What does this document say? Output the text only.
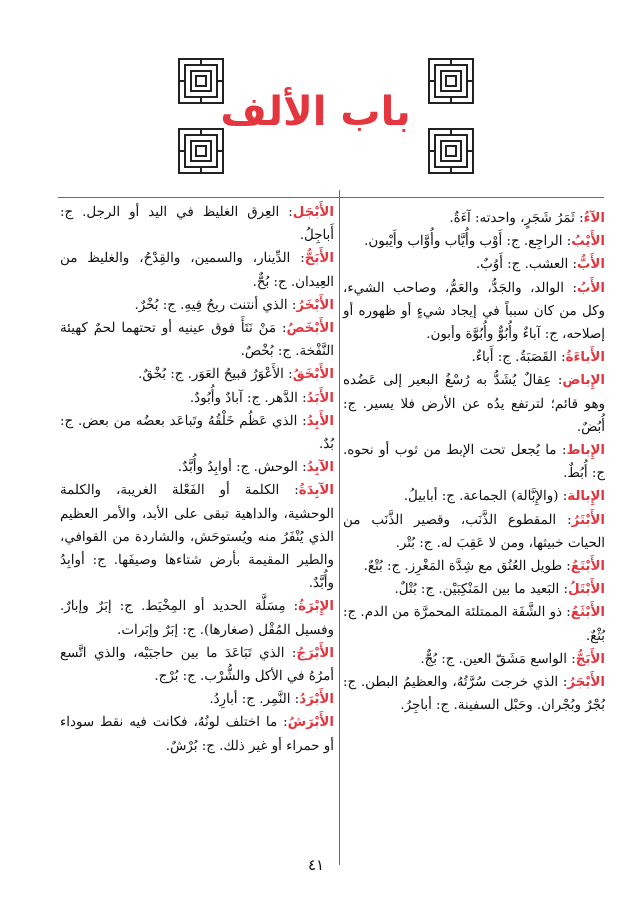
باب الألف
الآءُ: ثَمَرُ شَجَرٍ، واحدته: آءَةٌ.
الأَيْبُ: الراجِع. ج: أَوْب وأُيَّاب وأُوَّاب وأَيْبون.
الأَبُّ: العشب. ج: أَوُبٌ.
الأَبُ: الوالد، والجَدُّ، والعَمُّ، وصاحب الشيء، وكل من كان سبباً في إيجاد شيءٍ أو ظهوره أو إصلاحه، ج: آباءٌ وأُبُوٌّ وأُبُوَّة وأبون.
الأَباءَةُ: القَصَبَةُ. ج: أَباءٌ.
الإِباض: عِقالٌ يُشَدُّ به رُسْغُ البعير إلى عَضُده وهو قائم؛ لترتفع يدُه عن الأرض فلا يسير. ج: أُبُضٌ.
الإِباط: ما يُجعل تحت الإبط من ثوب أو نحوه. ج: أُبُطٌ.
الإِبالة: (والإِبَّالة) الجماعة. ج: أبابيلُ.
الأَبْتَرُ: المقطوع الذَّنَب، وقصير الذَّنَب من الحيات خبيثها، ومن لا عَقِبَ له. ج: بُتْر.
الأَبْتَعُ: طويل العُنُق مع شِدَّة المَغْرِز. ج: بُتْعٌ.
الأَبْتَلُ: البَعيد ما بين المَنْكِبَيْن. ج: بُتْلٌ.
الأَبْثَعُ: ذو الشَّفَة الممتلئة المحمرَّة من الدم. ج: بُثْعٌ.
الأَبَجُّ: الواسع مَشَقّ العين. ج: بُجٌّ.
الأَبْجَرُ: الذي خرجت سُرَّتُهُ، والعظيمُ البطن. ج: بُجْرٌ وبُجْران. وحَبْل السفينة. ج: أباجِرُ.
الأَبْجَل: العِرق الغليظ في اليد أو الرجل. ج: أَباجِلُ.
الأَبَحُّ: الدِّينار، والسمين، والقِدْحُ، والغليظ من العِيدان. ج: بُحٌّ.
الأَبْخَرُ: الذي أنتنت ريحُ فِيهِ. ج: بُخْرٌ.
الأَبْخَصُ: مَنْ نَتَأَ فوق عينيه أو تحتهما لحمٌ كهيئة النَّفْخة. ج: بُخْصٌ.
الأَبْخَقُ: الأَعْوَرُ قبيحُ العَوَر. ج: بُخْقٌ.
الأَبَدُ: الدَّهر. ج: آبادٌ وأُبُودٌ.
الأَبِدُ: الذي عَظُم خَلْقُهُ وتَباعَد بعضُه من بعض. ج: بُدٌ.
الآبِدُ: الوحش. ج: أوابِدُ وأُبَّدٌ.
الآبِدَةُ: الكلمة أو الفَعْلة الغريبة، والكلمة الوحشية، والداهية تبقى على الأبد، والأمر العظيم الذي يُنْفَرُ منه ويُستوحَش، والشاردة من القوافي، والطير المقيمة بأرض شتاءها وصيفَها. ج: أوابِدُ وأُبَّدٌ.
الإِبْرَةُ: مِسَلَّة الحديد أو المِخْيَط. ج: إبَرٌ وإبارٌ. وفسيل المُقْل (صغارها). ج: إبَرٌ وإبَرات.
الأَبْرَجُ: الذي تَبَاعَدَ ما بين حاجبَيْه، والذي اتَّسع أمرُهُ في الأكل والشُّرْب. ج: بُرْج.
الأَبْرَدُ: النَّمِر. ج: أبارِدُ.
الأَبْرَشُ: ما اختلف لونُهُ، فكانت فيه نقط سوداء أو حمراء أو غير ذلك. ج: بُرْشٌ.
٤١
